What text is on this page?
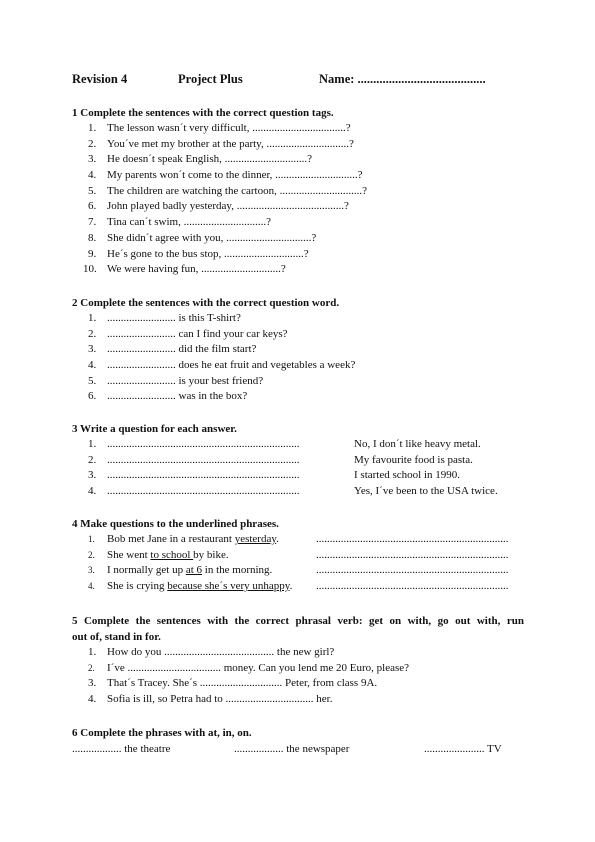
Revision 4	Project Plus	Name: .........................................
1 Complete the sentences with the correct question tags.
1. The lesson wasn´t very difficult, ..................................?
2. You´ve met my brother at the party, ..............................?
3. He doesn´t speak English, ..............................?
4. My parents won´t come to the dinner, ..............................?
5. The children are watching the cartoon, ..............................?
6. John played badly yesterday, .......................................?
7. Tina can´t swim, ..............................?
8. She didn´t agree with you, ...............................?
9. He´s gone to the bus stop, .............................?
10. We were having fun, .............................?
2 Complete the sentences with the correct question word.
1. ......................... is this T-shirt?
2. ......................... can I find your car keys?
3. ......................... did the film start?
4. ......................... does he eat fruit and vegetables a week?
5. ......................... is your best friend?
6. ......................... was in the box?
3 Write a question for each answer.
1. ......................................................................	No, I don´t like heavy metal.
2. ......................................................................	My favourite food is pasta.
3. ......................................................................	I started school in 1990.
4. ......................................................................	Yes, I´ve been to the USA twice.
4 Make questions to the underlined phrases.
1. Bob met Jane in a restaurant yesterday.	......................................................................
2. She went to school by bike.	......................................................................
3. I normally get up at 6 in the morning.	......................................................................
4. She is crying because she´s very unhappy. ......................................................................
5 Complete the sentences with the correct phrasal verb: get on with, go out with, run
out of, stand in for.
1. How do you ........................................ the new girl?
2. I´ve .................................. money. Can you lend me 20 Euro, please?
3. That´s Tracey. She´s .............................. Peter, from class 9A.
4. Sofia is ill, so Petra had to ................................ her.
6 Complete the phrases with at, in, on.
.................. the theatre	.................. the newspaper	...................... TV
